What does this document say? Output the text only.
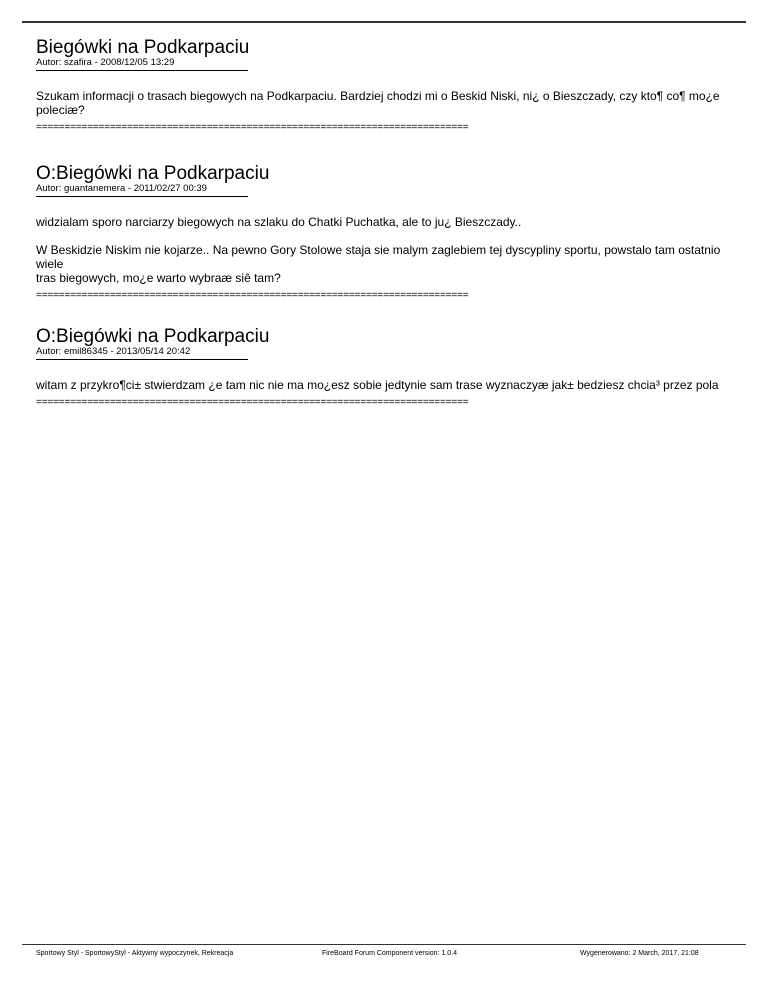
Biegówki na Podkarpaciu

Autor: szafira - 2008/12/05 13:29

Szukam informacji o trasach biegowych na Podkarpaciu. Bardziej chodzi mi o Beskid Niski, ni¿ o Bieszczady, czy kto¶ co¶ mo¿e poleciæ?

============================================================================
O:Biegówki na Podkarpaciu

Autor: guantanemera - 2011/02/27 00:39

widzialam sporo narciarzy biegowych na szlaku do Chatki Puchatka, ale to ju¿ Bieszczady..

W Beskidzie Niskim nie kojarze.. Na pewno Gory Stolowe staja sie malym zaglebiem tej dyscypliny sportu, powstalo tam ostatnio wiele

tras biegowych, mo¿e warto wybraæ siê tam?

============================================================================
O:Biegówki na Podkarpaciu

Autor: emil86345 - 2013/05/14 20:42

witam z przykro¶ci± stwierdzam ¿e tam nic nie ma mo¿esz sobie jedtynie sam trase wyznaczyæ jak± bedziesz chcia³ przez pola

============================================================================
Sportowy Styl - SportowyStyl - Aktywny wypoczynek, Rekreacja	FireBoard Forum Component version: 1.0.4	Wygenerowano: 2 March, 2017, 21:08
